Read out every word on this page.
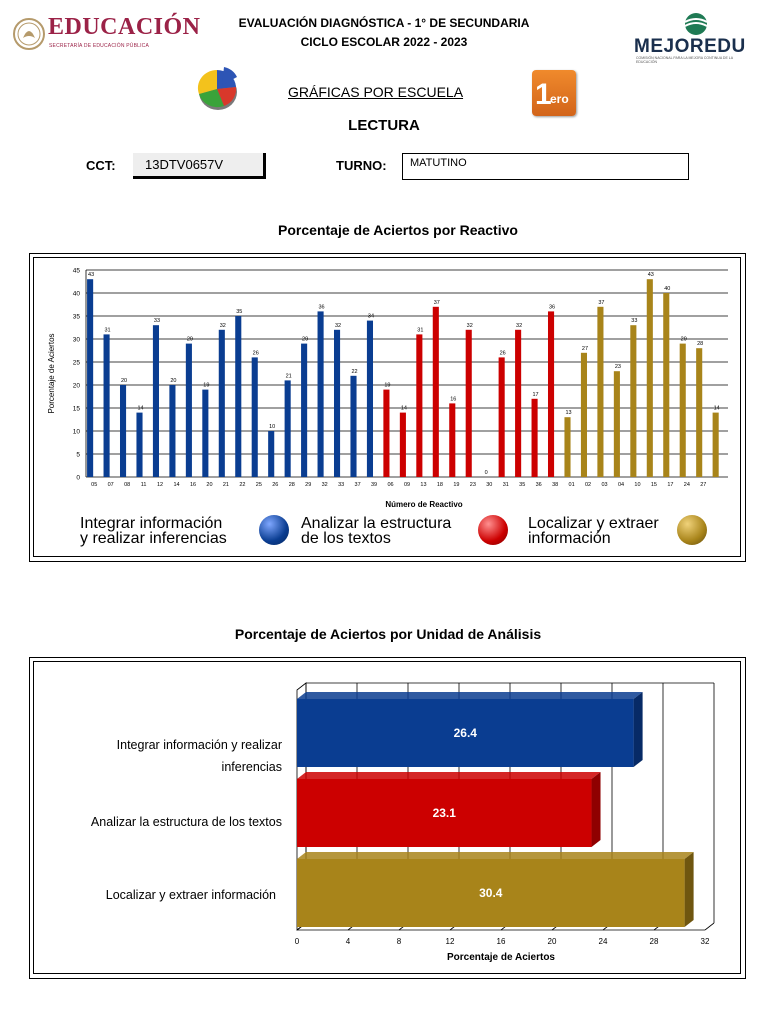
EDUCACIÓN
SECRETARÍA DE EDUCACIÓN PÚBLICA
EVALUACIÓN DIAGNÓSTICA - 1° DE SECUNDARIA
CICLO ESCOLAR 2022 - 2023	MEJOREDU
COMISIÓN NACIONAL PARA LA MEJORA CONTINUA DE LA EDUCACIÓN
GRÁFICAS POR ESCUELA
LECTURA
1
ero
CCT:	13DTV0657V	TURNO:	MATUTINO
Porcentaje de Aciertos por Reactivo
0
5
10
15
20
25
30
35
40
45
43
05
31
07
20
08
14
11
33
12
20
14
29
16
19
20
32
21
35
22
26
25
10
26
21
28
29
29
36
32
32
33
22
37
34
39
19
06
14
09
31
13
37
18
16
19
32
23
0
30
26
31
32
35
17
36
36
38
13
01
27
02
37
03
23
04
33
10
43
15
40
17
29
24
28
27
14
Número de Reactivo
Porcentaje de Aciertos
Integrar información
y realizar inferencias
Analizar la estructura
de los textos
Localizar y extraer
información
Porcentaje de Aciertos por Unidad de Análisis
Integrar información y realizar
inferencias
Analizar la estructura de los textos
Localizar y extraer información
0	4	8	12	16	20	24	28	32
26.4
23.1
30.4
Porcentaje de Aciertos
